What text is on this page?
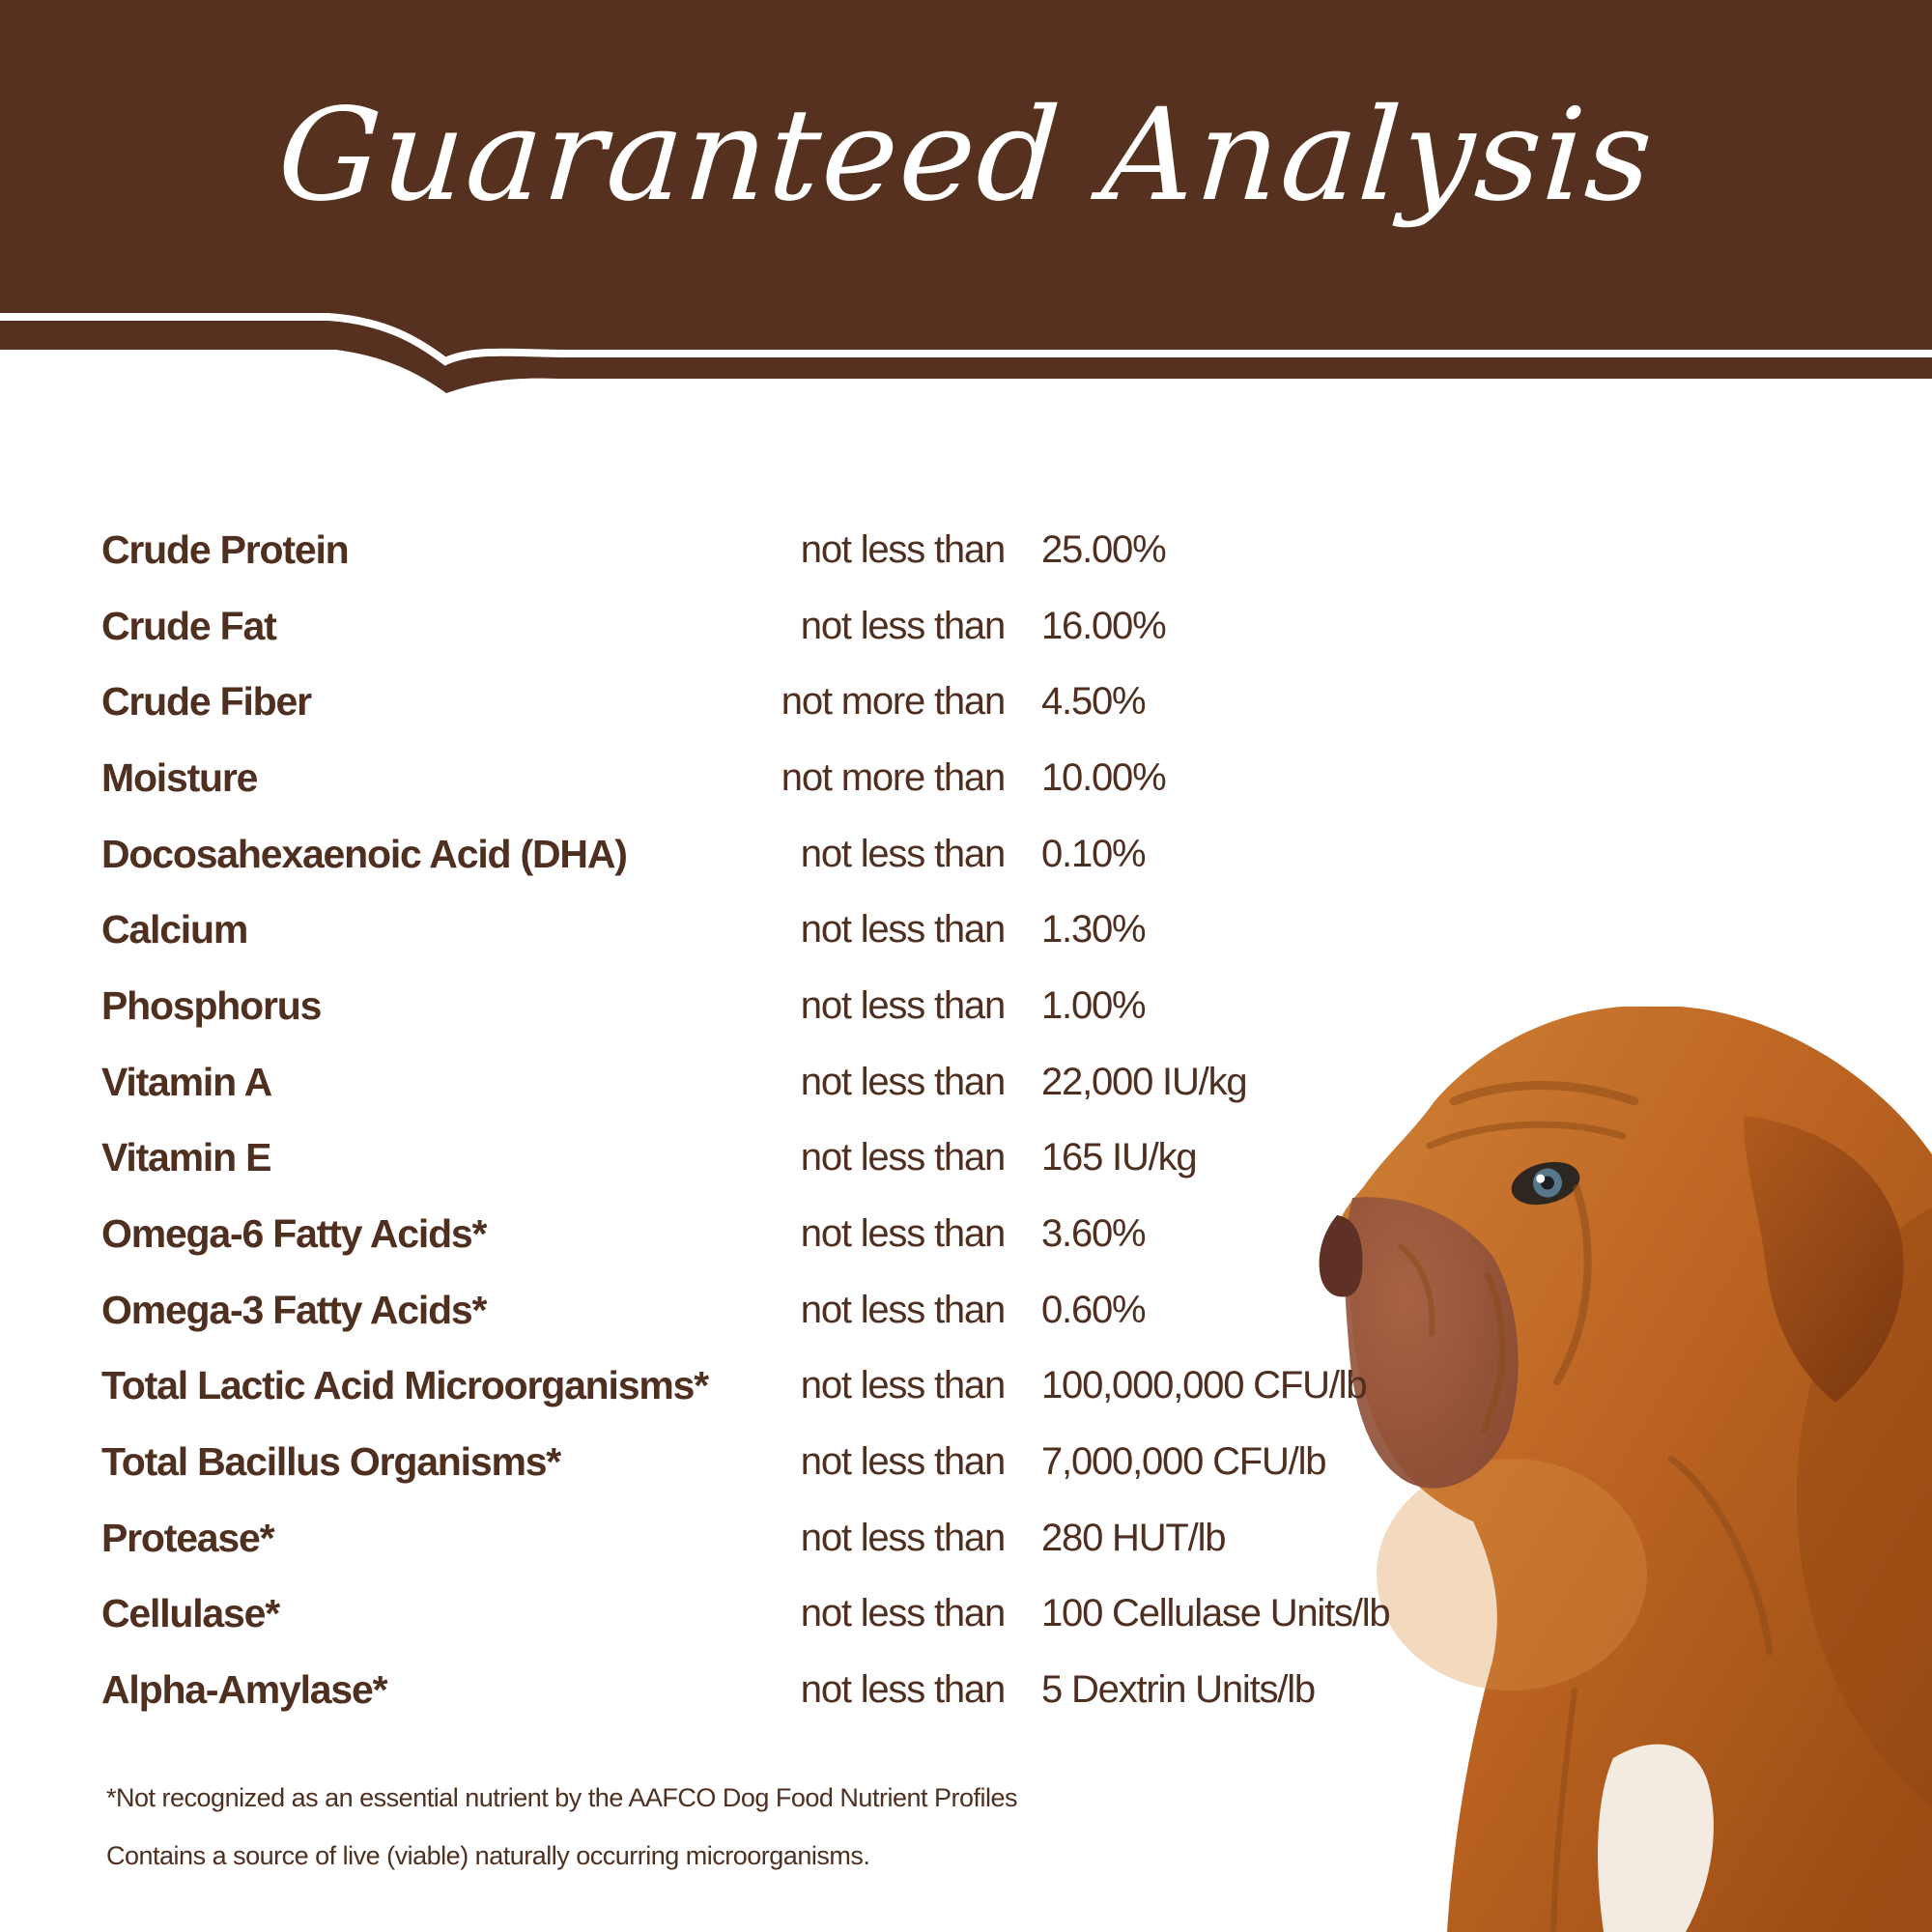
Guaranteed Analysis
Crude Protein	not less than 25.00%
Crude Fat	not less than 16.00%
Crude Fiber	not more than 4.50%
Moisture	not more than 10.00%
Docosahexaenoic Acid (DHA)	not less than 0.10%
Calcium	not less than 1.30%
Phosphorus	not less than 1.00%
Vitamin A	not less than 22,000 IU/kg
Vitamin E	not less than 165 IU/kg
Omega-6 Fatty Acids*	not less than 3.60%
Omega-3 Fatty Acids*	not less than 0.60%
Total Lactic Acid Microorganisms*	not less than 100,000,000 CFU/lb
Total Bacillus Organisms*	not less than 7,000,000 CFU/lb
Protease*	not less than 280 HUT/lb
Cellulase*	not less than 100 Cellulase Units/lb
Alpha-Amylase*	not less than 5 Dextrin Units/lb
*Not recognized as an essential nutrient by the AAFCO Dog Food Nutrient Profiles
Contains a source of live (viable) naturally occurring microorganisms.
